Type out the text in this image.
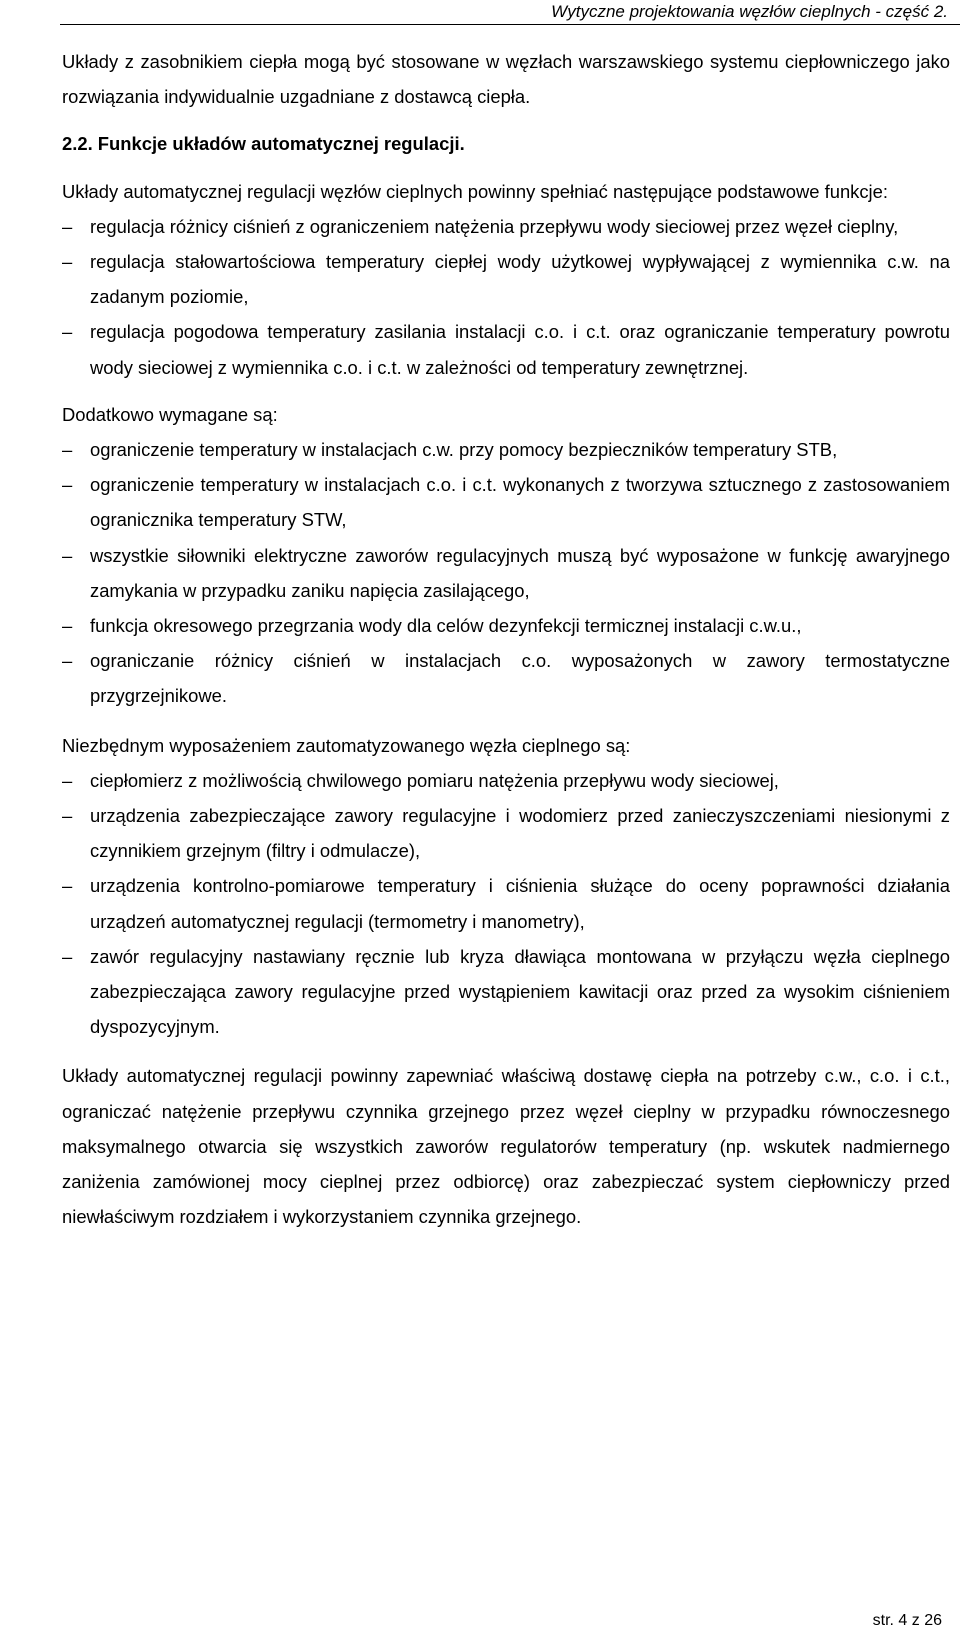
Wytyczne projektowania węzłów cieplnych - część 2.

Układy z zasobnikiem ciepła mogą być stosowane w węzłach warszawskiego systemu ciepłowniczego jako rozwiązania indywidualnie uzgadniane z dostawcą ciepła.

2.2. Funkcje układów automatycznej regulacji.

Układy automatycznej regulacji węzłów cieplnych powinny spełniać następujące podstawowe funkcje:

– regulacja różnicy ciśnień z ograniczeniem natężenia przepływu wody sieciowej przez węzeł cieplny,
– regulacja stałowartościowa temperatury ciepłej wody użytkowej wypływającej z wymiennika c.w. na zadanym poziomie,
– regulacja pogodowa temperatury zasilania instalacji c.o. i c.t. oraz ograniczanie temperatury powrotu wody sieciowej z wymiennika c.o. i c.t. w zależności od temperatury zewnętrznej.

Dodatkowo wymagane są:

– ograniczenie temperatury w instalacjach c.w. przy pomocy bezpieczników temperatury STB,
– ograniczenie temperatury w instalacjach c.o. i c.t. wykonanych z tworzywa sztucznego z zastosowaniem ogranicznika temperatury STW,
– wszystkie siłowniki elektryczne zaworów regulacyjnych muszą być wyposażone w funkcję awaryjnego zamykania w przypadku zaniku napięcia zasilającego,
– funkcja okresowego przegrzania wody dla celów dezynfekcji termicznej instalacji c.w.u.,
– ograniczanie różnicy ciśnień w instalacjach c.o. wyposażonych w zawory termostatyczne przygrzejnikowe.

Niezbędnym wyposażeniem zautomatyzowanego węzła cieplnego są:

– ciepłomierz z możliwością chwilowego pomiaru natężenia przepływu wody sieciowej,
– urządzenia zabezpieczające zawory regulacyjne i wodomierz przed zanieczyszczeniami niesionymi z czynnikiem grzejnym (filtry i odmulacze),
– urządzenia kontrolno-pomiarowe temperatury i ciśnienia służące do oceny poprawności działania urządzeń automatycznej regulacji (termometry i manometry),
– zawór regulacyjny nastawiany ręcznie lub kryza dławiąca montowana w przyłączu węzła cieplnego zabezpieczająca zawory regulacyjne przed wystąpieniem kawitacji oraz przed za wysokim ciśnieniem dyspozycyjnym.

Układy automatycznej regulacji powinny zapewniać właściwą dostawę ciepła na potrzeby c.w., c.o. i c.t., ograniczać natężenie przepływu czynnika grzejnego przez węzeł cieplny w przypadku równoczesnego maksymalnego otwarcia się wszystkich zaworów regulatorów temperatury (np. wskutek nadmiernego zaniżenia zamówionej mocy cieplnej przez odbiorcę) oraz zabezpieczać system ciepłowniczy przed niewłaściwym rozdziałem i wykorzystaniem czynnika grzejnego.

str. 4 z 26
